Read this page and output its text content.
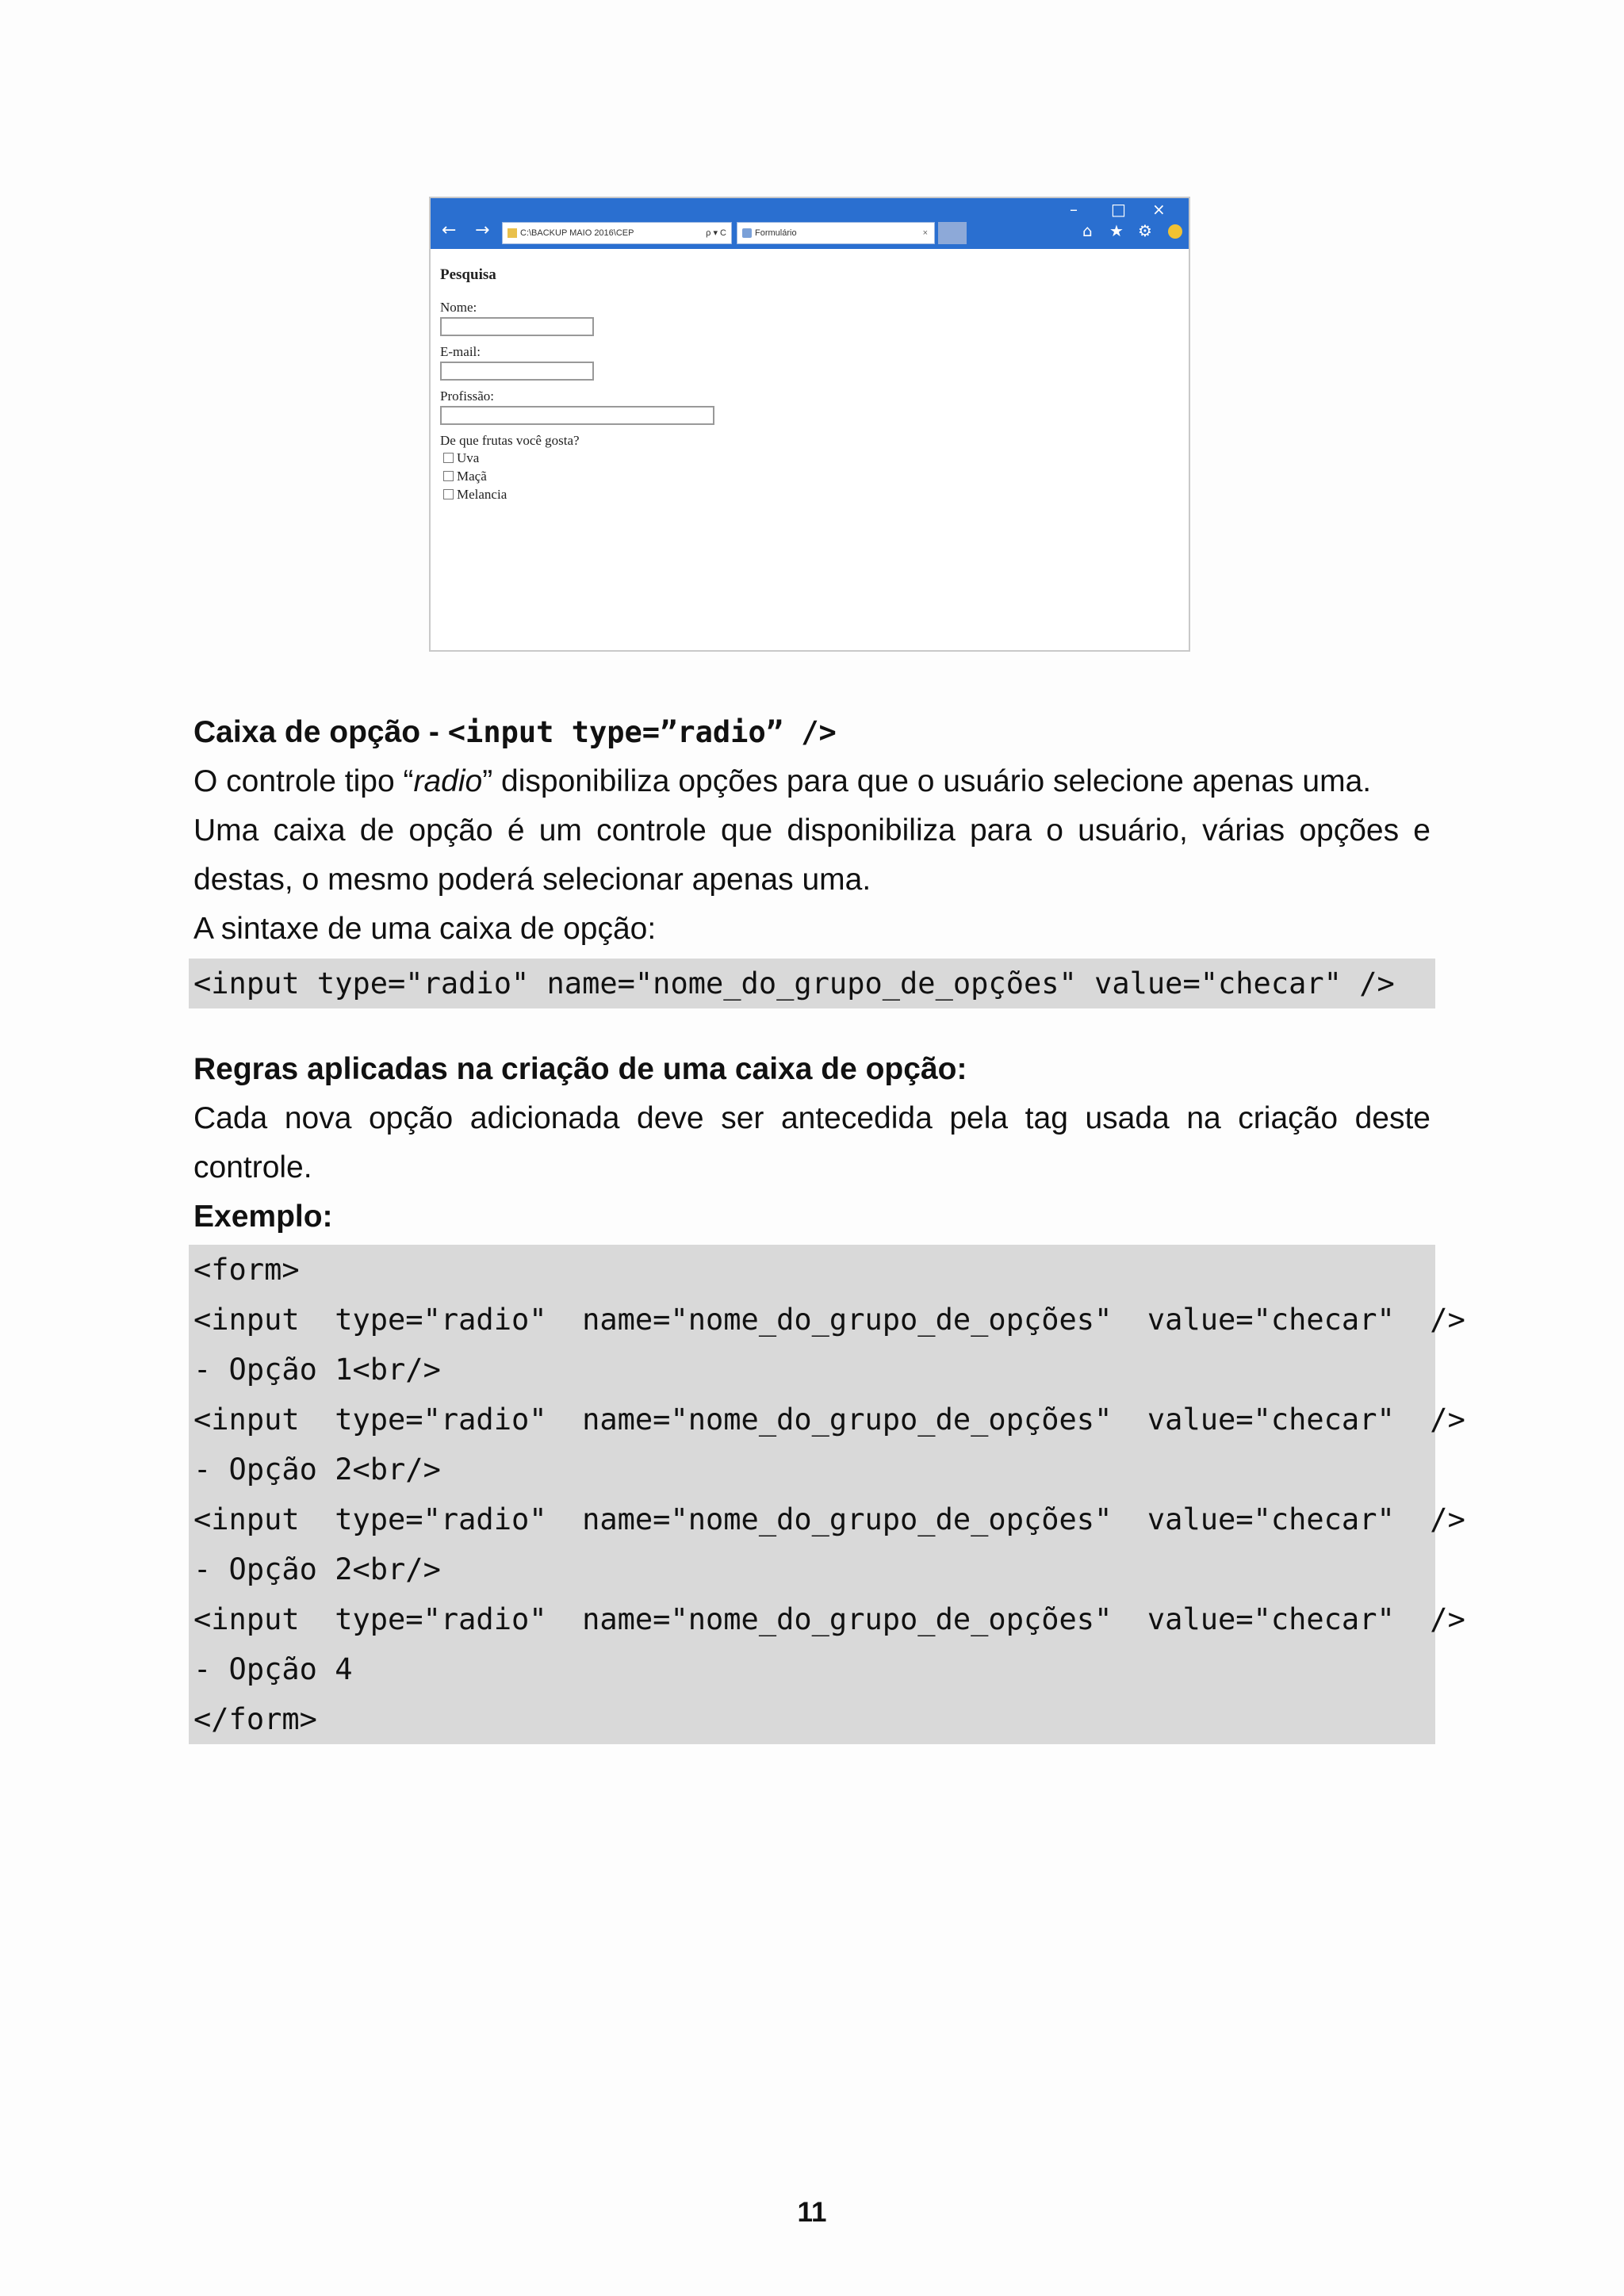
– □ ×
← →	C:\BACKUP MAIO 2016\CEP	ρ ▾ C	Formulário	×	⌂ ★ ⚙

Pesquisa

Nome:

E-mail:

Profissão:

De que frutas você gosta?

Uva

Maçã

Melancia

Caixa de opção - <input type=”radio” />

O controle tipo “radio” disponibiliza opções para que o usuário selecione apenas uma.

Uma caixa de opção é um controle que disponibiliza para o usuário, várias opções e destas, o mesmo poderá selecionar apenas uma.

A sintaxe de uma caixa de opção:

<input type="radio" name="nome_do_grupo_de_opções" value="checar" />

Regras aplicadas na criação de uma caixa de opção:

Cada nova opção adicionada deve ser antecedida pela tag usada na criação deste controle.

Exemplo:

<form>

<input  type="radio"  name="nome_do_grupo_de_opções"  value="checar"  />

- Opção 1<br/>

<input  type="radio"  name="nome_do_grupo_de_opções"  value="checar"  />

- Opção 2<br/>

<input  type="radio"  name="nome_do_grupo_de_opções"  value="checar"  />

- Opção 2<br/>

<input  type="radio"  name="nome_do_grupo_de_opções"  value="checar"  />

- Opção 4

</form>

11
